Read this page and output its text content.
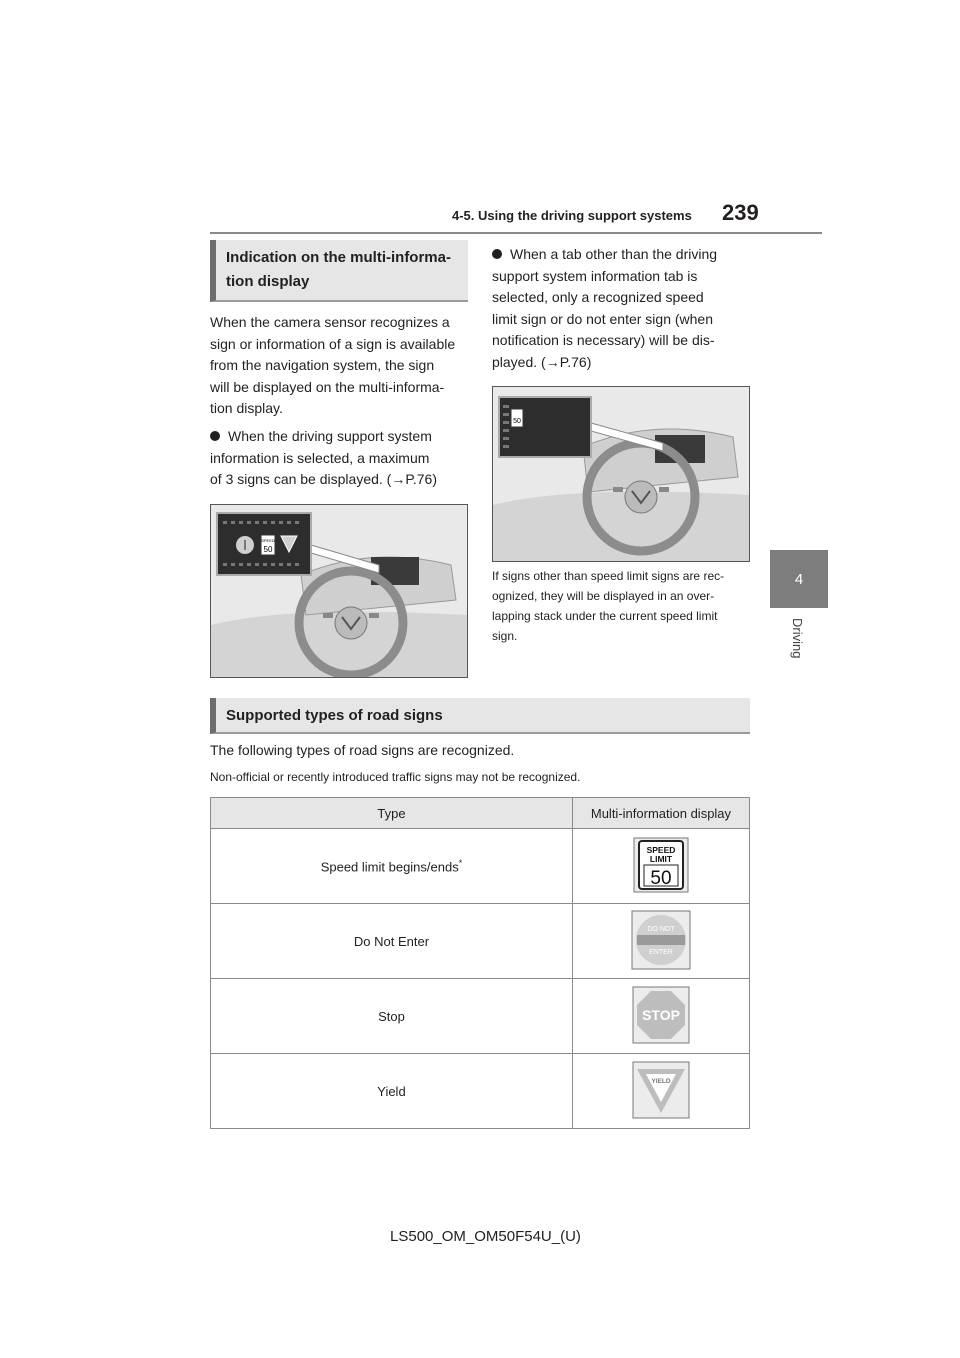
4-5. Using the driving support systems 239
4
Driving
Indication on the multi-informa-
tion display
When the camera sensor recognizes a
sign or information of a sign is available
from the navigation system, the sign
will be displayed on the multi-informa-
tion display.
When the driving support system
information is selected, a maximum
of 3 signs can be displayed. (→P.76)
SPEED
50
When a tab other than the driving
support system information tab is
selected, only a recognized speed
limit sign or do not enter sign (when
notification is necessary) will be dis-
played. (→P.76)
50
If signs other than speed limit signs are rec-
ognized, they will be displayed in an over-
lapping stack under the current speed limit
sign.
Supported types of road signs
The following types of road signs are recognized.
Non-official or recently introduced traffic signs may not be recognized.
Type	Multi-information display
Speed limit begins/ends*	SPEED
LIMIT
50

Do Not Enter	DO NOT
ENTER

Stop	STOP

Yield	YIELD
LS500_OM_OM50F54U_(U)
